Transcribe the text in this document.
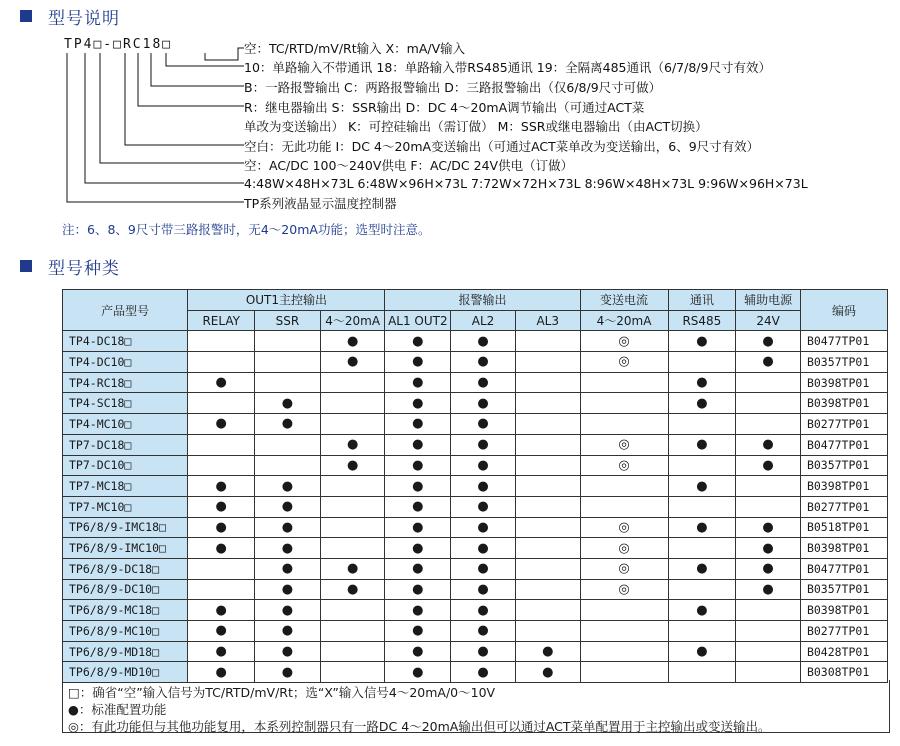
型号说明
TP4□-□RC18□	空：TC/RTD/mV/Rt输入 X：mA/V输入
10：单路输入不带通讯 18：单路输入带RS485通讯 19：全隔离485通讯（6/7/8/9尺寸有效）
B：一路报警输出 C：两路报警输出 D：三路报警输出（仅6/8/9尺寸可做）
R：继电器输出 S：SSR输出 D：DC 4～20mA调节输出（可通过ACT菜
单改为变送输出） K：可控硅输出（需订做） M：SSR或继电器输出（由ACT切换）
空白：无此功能 I：DC 4～20mA变送输出（可通过ACT菜单改为变送输出，6、9尺寸有效）
空：AC/DC 100～240V供电 F：AC/DC 24V供电（订做）
4:48W×48H×73L 6:48W×96H×73L 7:72W×72H×73L 8:96W×48H×73L 9:96W×96H×73L
TP系列液晶显示温度控制器
注：6、8、9尺寸带三路报警时，无4～20mA功能；选型时注意。
型号种类
产品型号	OUT1主控输出			报警输出			变送电流	通讯	辅助电源	编码
	RELAY	SSR	4～20mA	AL1 OUT2	AL2	AL3	4～20mA	RS485	24V	
TP4-DC18□			●	●	●		◎	●	●	B0477TP01
TP4-DC10□			●	●	●		◎		●	B0357TP01
TP4-RC18□	●			●	●			●		B0398TP01
TP4-SC18□		●		●	●			●		B0398TP01
TP4-MC10□	●	●		●	●					B0277TP01
TP7-DC18□			●	●	●		◎	●	●	B0477TP01
TP7-DC10□			●	●	●		◎		●	B0357TP01
TP7-MC18□	●	●		●	●			●		B0398TP01
TP7-MC10□	●	●		●	●					B0277TP01
TP6/8/9-IMC18□	●	●		●	●		◎	●	●	B0518TP01
TP6/8/9-IMC10□	●	●		●	●		◎		●	B0398TP01
TP6/8/9-DC18□		●	●	●	●		◎	●	●	B0477TP01
TP6/8/9-DC10□		●	●	●	●		◎		●	B0357TP01
TP6/8/9-MC18□	●	●		●	●			●		B0398TP01
TP6/8/9-MC10□	●	●		●	●					B0277TP01
TP6/8/9-MD18□	●	●		●	●	●		●		B0428TP01
TP6/8/9-MD10□	●	●		●	●	●				B0308TP01
□：确省“空”输入信号为TC/RTD/mV/Rt；选“X”输入信号4～20mA/0～10V
●：标准配置功能
◎：有此功能但与其他功能复用，本系列控制器只有一路DC 4～20mA输出但可以通过ACT菜单配置用于主控输出或变送输出。
